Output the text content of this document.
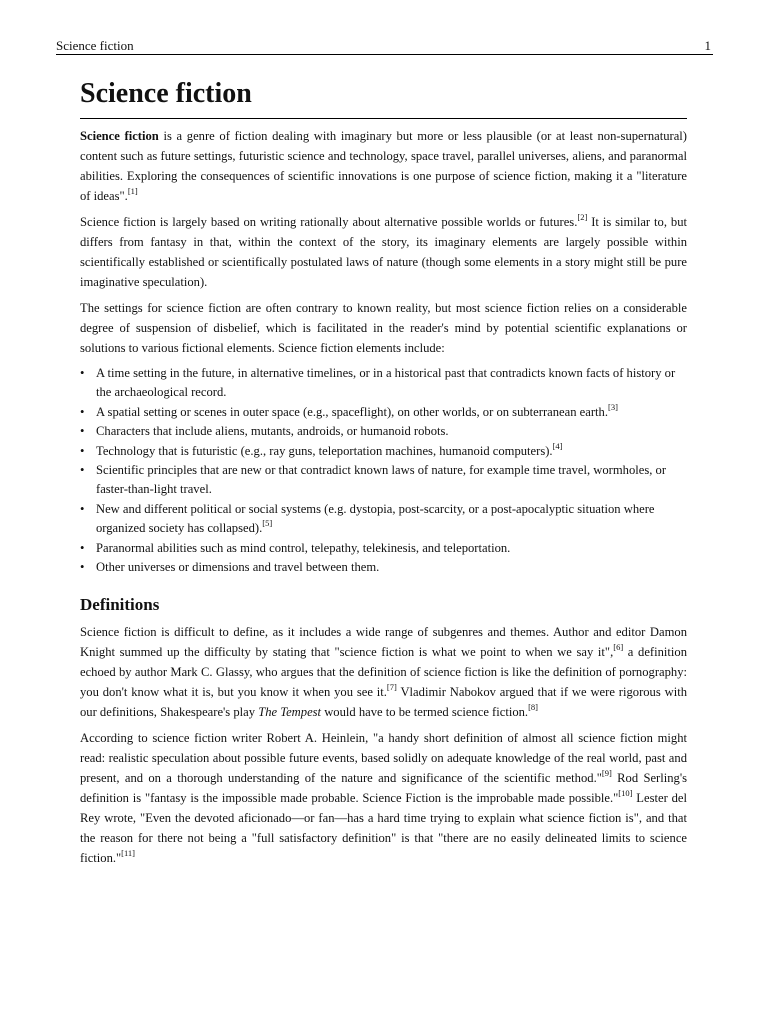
Science fiction	1
Science fiction

Science fiction is a genre of fiction dealing with imaginary but more or less plausible (or at least non-supernatural) content such as future settings, futuristic science and technology, space travel, parallel universes, aliens, and paranormal abilities. Exploring the consequences of scientific innovations is one purpose of science fiction, making it a "literature of ideas".[1]

Science fiction is largely based on writing rationally about alternative possible worlds or futures.[2] It is similar to, but differs from fantasy in that, within the context of the story, its imaginary elements are largely possible within scientifically established or scientifically postulated laws of nature (though some elements in a story might still be pure imaginative speculation).

The settings for science fiction are often contrary to known reality, but most science fiction relies on a considerable degree of suspension of disbelief, which is facilitated in the reader's mind by potential scientific explanations or solutions to various fictional elements. Science fiction elements include:

• A time setting in the future, in alternative timelines, or in a historical past that contradicts known facts of history or the archaeological record.
• A spatial setting or scenes in outer space (e.g., spaceflight), on other worlds, or on subterranean earth.[3]
• Characters that include aliens, mutants, androids, or humanoid robots.
• Technology that is futuristic (e.g., ray guns, teleportation machines, humanoid computers).[4]
• Scientific principles that are new or that contradict known laws of nature, for example time travel, wormholes, or faster-than-light travel.
• New and different political or social systems (e.g. dystopia, post-scarcity, or a post-apocalyptic situation where organized society has collapsed).[5]
• Paranormal abilities such as mind control, telepathy, telekinesis, and teleportation.
• Other universes or dimensions and travel between them.
Definitions

Science fiction is difficult to define, as it includes a wide range of subgenres and themes. Author and editor Damon Knight summed up the difficulty by stating that "science fiction is what we point to when we say it",[6] a definition echoed by author Mark C. Glassy, who argues that the definition of science fiction is like the definition of pornography: you don't know what it is, but you know it when you see it.[7] Vladimir Nabokov argued that if we were rigorous with our definitions, Shakespeare's play The Tempest would have to be termed science fiction.[8]

According to science fiction writer Robert A. Heinlein, "a handy short definition of almost all science fiction might read: realistic speculation about possible future events, based solidly on adequate knowledge of the real world, past and present, and on a thorough understanding of the nature and significance of the scientific method."[9] Rod Serling's definition is "fantasy is the impossible made probable. Science Fiction is the improbable made possible."[10] Lester del Rey wrote, "Even the devoted aficionado—or fan—has a hard time trying to explain what science fiction is", and that the reason for there not being a "full satisfactory definition" is that "there are no easily delineated limits to science fiction."[11]
